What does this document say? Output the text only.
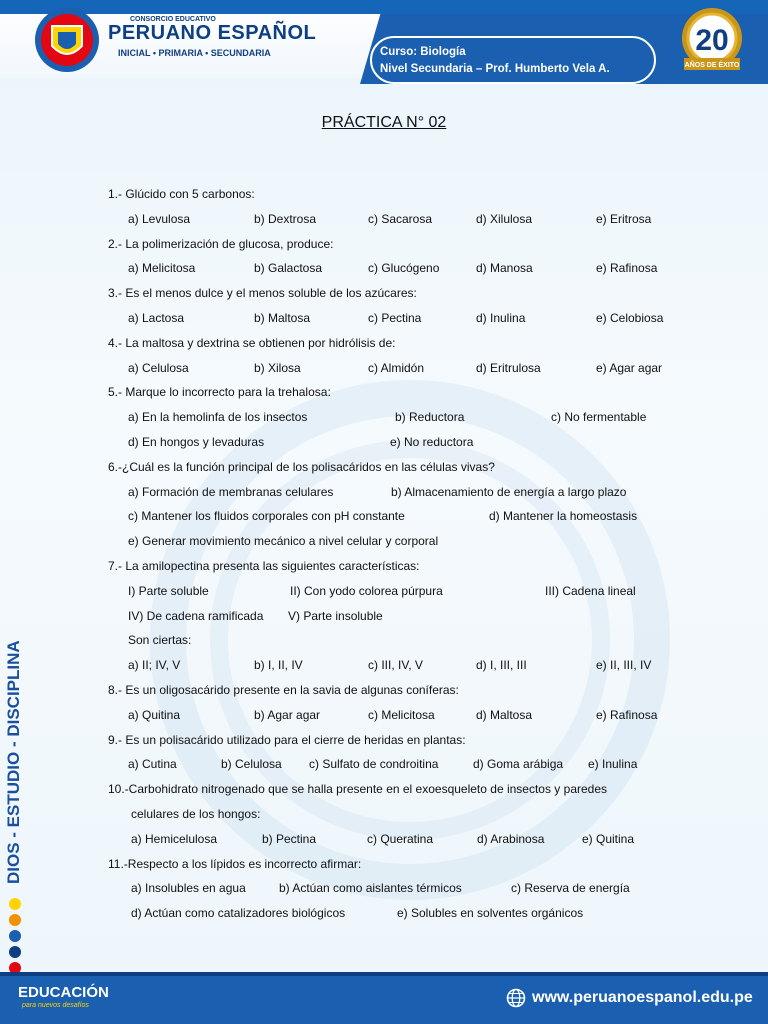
CONSORCIO EDUCATIVO
PERUANO ESPAÑOL
INICIAL • PRIMARIA • SECUNDARIA	Curso: Biología
Nivel Secundaria – Prof. Humberto Vela A.
20
AÑOS DE ÉXITO
PRÁCTICA N° 02
1.- Glúcido con 5 carbonos:
a) Levulosa	b) Dextrosa	c) Sacarosa	d) Xilulosa	e) Eritrosa
2.- La polimerización de glucosa, produce:
a) Melicitosa	b) Galactosa	c) Glucógeno	d) Manosa	e) Rafinosa
3.- Es el menos dulce y el menos soluble de los azúcares:
a) Lactosa	b) Maltosa	c) Pectina	d) Inulina	e) Celobiosa
4.- La maltosa y dextrina se obtienen por hidrólisis de:
a) Celulosa	b) Xilosa	c) Almidón	d) Eritrulosa	e) Agar agar
5.- Marque lo incorrecto para la trehalosa:
a) En la hemolinfa de los insectos	b) Reductora	c) No fermentable
d) En hongos y levaduras	e) No reductora
6.-¿Cuál es la función principal de los polisacáridos en las células vivas?
a) Formación de membranas celulares	b) Almacenamiento de energía a largo plazo
c) Mantener los fluidos corporales con pH constante	d) Mantener la homeostasis
e) Generar movimiento mecánico a nivel celular y corporal
7.- La amilopectina presenta las siguientes características:
I) Parte soluble	II) Con yodo colorea púrpura	III) Cadena lineal
IV) De cadena ramificada V) Parte insoluble
Son ciertas:
a) II; IV, V	b) I, II, IV	c) III, IV, V	d) I, III, III	e) II, III, IV
8.- Es un oligosacárido presente en la savia de algunas coníferas:
a) Quitina	b) Agar agar	c) Melicitosa	d) Maltosa	e) Rafinosa
9.- Es un polisacárido utilizado para el cierre de heridas en plantas:
a) Cutina	b) Celulosa c) Sulfato de condroitina	d) Goma arábiga e) Inulina
10.-Carbohidrato nitrogenado que se halla presente en el exoesqueleto de insectos y paredes
celulares de los hongos:
a) Hemicelulosa	b) Pectina	c) Queratina	d) Arabinosa	e) Quitina
11.-Respecto a los lípidos es incorrecto afirmar:
a) Insolubles en agua	b) Actúan como aislantes térmicos	c) Reserva de energía
d) Actúan como catalizadores biológicos	e) Solubles en solventes orgánicos
DIOS - ESTUDIO - DISCIPLINA
EDUCACIÓN
para nuevos desafíos	www.peruanoespanol.edu.pe
